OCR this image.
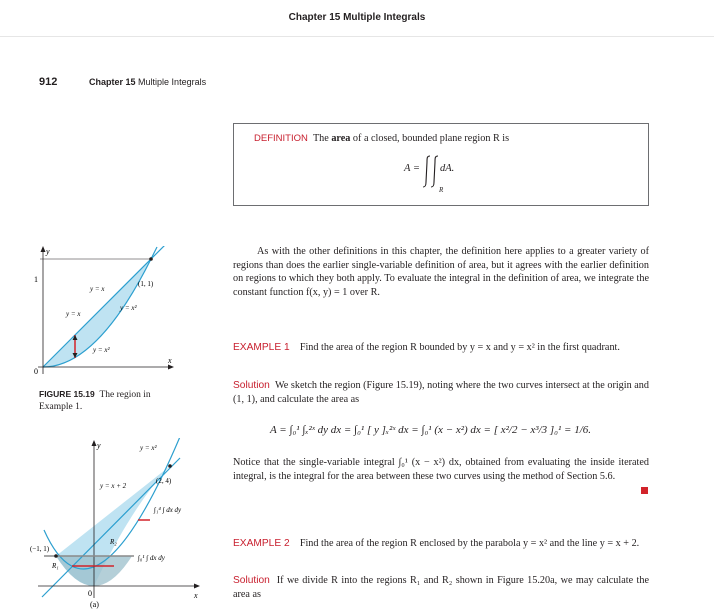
Chapter 15 Multiple Integrals
912	Chapter 15 Multiple Integrals
DEFINITION The area of a closed, bounded plane region R is
A = dA.
R
As with the other definitions in this chapter, the definition here applies to a greater variety of regions than does the earlier single-variable definition of area, but it agrees with the earlier definition on regions to which they both apply. To evaluate the integral in the definition of area, we integrate the constant function f(x, y) = 1 over R.
EXAMPLE 1 Find the area of the region R bounded by y = x and y = x² in the first quadrant.
Solution We sketch the region (Figure 15.19), noting where the two curves intersect at the origin and (1, 1), and calculate the area as
A = ∫₀¹ ∫ₓ²ˣ dy dx = ∫₀¹ [ y ]ₓ²ˣ dx = ∫₀¹ (x − x²) dx = [ x²/2 − x³/3 ]₀¹ = 1/6.
Notice that the single-variable integral ∫₀¹ (x − x²) dx, obtained from evaluating the inside iterated integral, is the integral for the area between these two curves using the method of Section 5.6.
EXAMPLE 2 Find the area of the region R enclosed by the parabola y = x² and the line y = x + 2.
Solution If we divide R into the regions R₁ and R₂ shown in Figure 15.20a, we may calculate the area as
y
x
1
0
y = x
(1, 1)
y = x²
y = x
y = x²
FIGURE 15.19 The region in Example 1.
y
x
0
y = x²
y = x + 2
(2, 4)
(−1, 1)
R₂
R₁
∫₁⁴ ∫ dx dy
∫₀¹ ∫ dx dy
(a)
